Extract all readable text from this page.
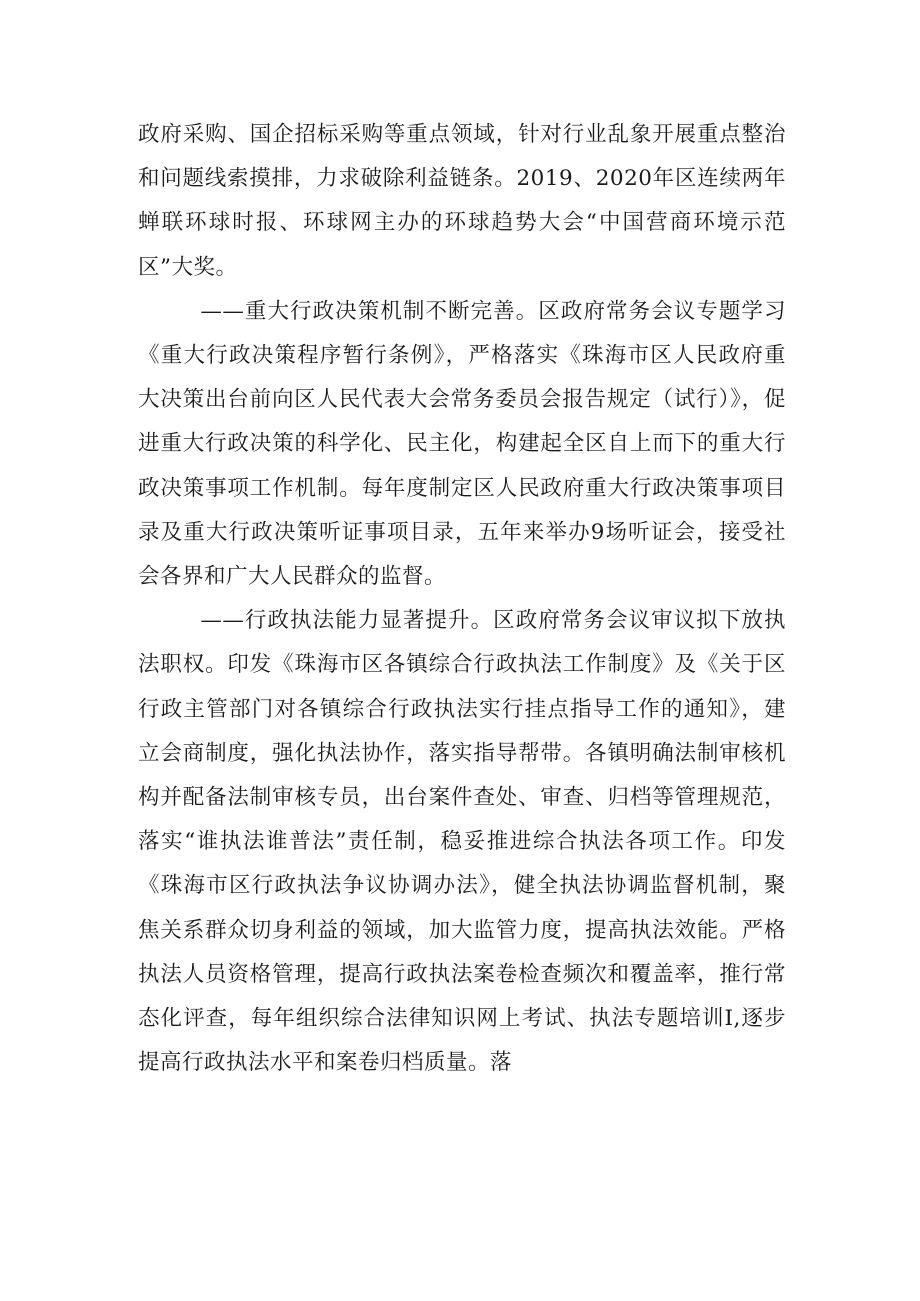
政府采购、国企招标采购等重点领域，针对行业乱象开展重点整治和问题线索摸排，力求破除利益链条。2019、2020年区连续两年蝉联环球时报、环球网主办的环球趋势大会“中国营商环境示范区”大奖。

——重大行政决策机制不断完善。区政府常务会议专题学习《重大行政决策程序暂行条例》，严格落实《珠海市区人民政府重大决策出台前向区人民代表大会常务委员会报告规定（试行）》，促进重大行政决策的科学化、民主化，构建起全区自上而下的重大行政决策事项工作机制。每年度制定区人民政府重大行政决策事项目录及重大行政决策听证事项目录，五年来举办9场听证会，接受社会各界和广大人民群众的监督。

——行政执法能力显著提升。区政府常务会议审议拟下放执法职权。印发《珠海市区各镇综合行政执法工作制度》及《关于区行政主管部门对各镇综合行政执法实行挂点指导工作的通知》，建立会商制度，强化执法协作，落实指导帮带。各镇明确法制审核机构并配备法制审核专员，出台案件查处、审查、归档等管理规范，落实“谁执法谁普法”责任制，稳妥推进综合执法各项工作。印发《珠海市区行政执法争议协调办法》，健全执法协调监督机制，聚焦关系群众切身利益的领域，加大监管力度，提高执法效能。严格执法人员资格管理，提高行政执法案卷检查频次和覆盖率，推行常态化评查，每年组织综合法律知识网上考试、执法专题培训I,逐步提高行政执法水平和案卷归档质量。落
